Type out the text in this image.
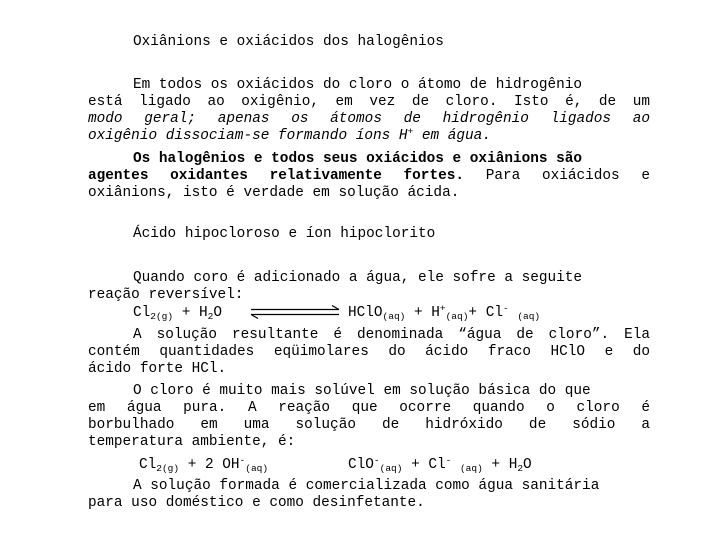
Oxiânions e oxiácidos dos halogênios
Em todos os oxiácidos do cloro o átomo de hidrogênio
está ligado ao oxigênio, em vez de cloro. Isto é, de um
modo geral; apenas os átomos de hidrogênio ligados ao
oxigênio dissociam-se formando íons H+ em água.
Os halogênios e todos seus oxiácidos e oxiânions são
agentes oxidantes relativamente fortes. Para oxiácidos e
oxiânions, isto é verdade em solução ácida.
Ácido hipocloroso e íon hipoclorito
Quando coro é adicionado a água, ele sofre a seguite
reação reversível:
$Cl_{2(g)} + H_2O$	HClO$_{(aq)}$ + $H^+_{(aq)}+ Cl^-$ $_{(aq)}$
A solução resultante é denominada “água de cloro”. Ela
contém quantidades eqüimolares do ácido fraco HClO e do
ácido forte HCl.
O cloro é muito mais solúvel em solução básica do que
em água pura. A reação que ocorre quando o cloro é
borbulhado em uma solução de hidróxido de sódio a
temperatura ambiente, é:
$Cl_{2(g)} + 2$ $OH^-_{(aq)}$	ClO-$_{(aq)}$ + Cl- $_{(aq)} + H_2O$
A solução formada é comercializada como água sanitária
para uso doméstico e como desinfetante.
